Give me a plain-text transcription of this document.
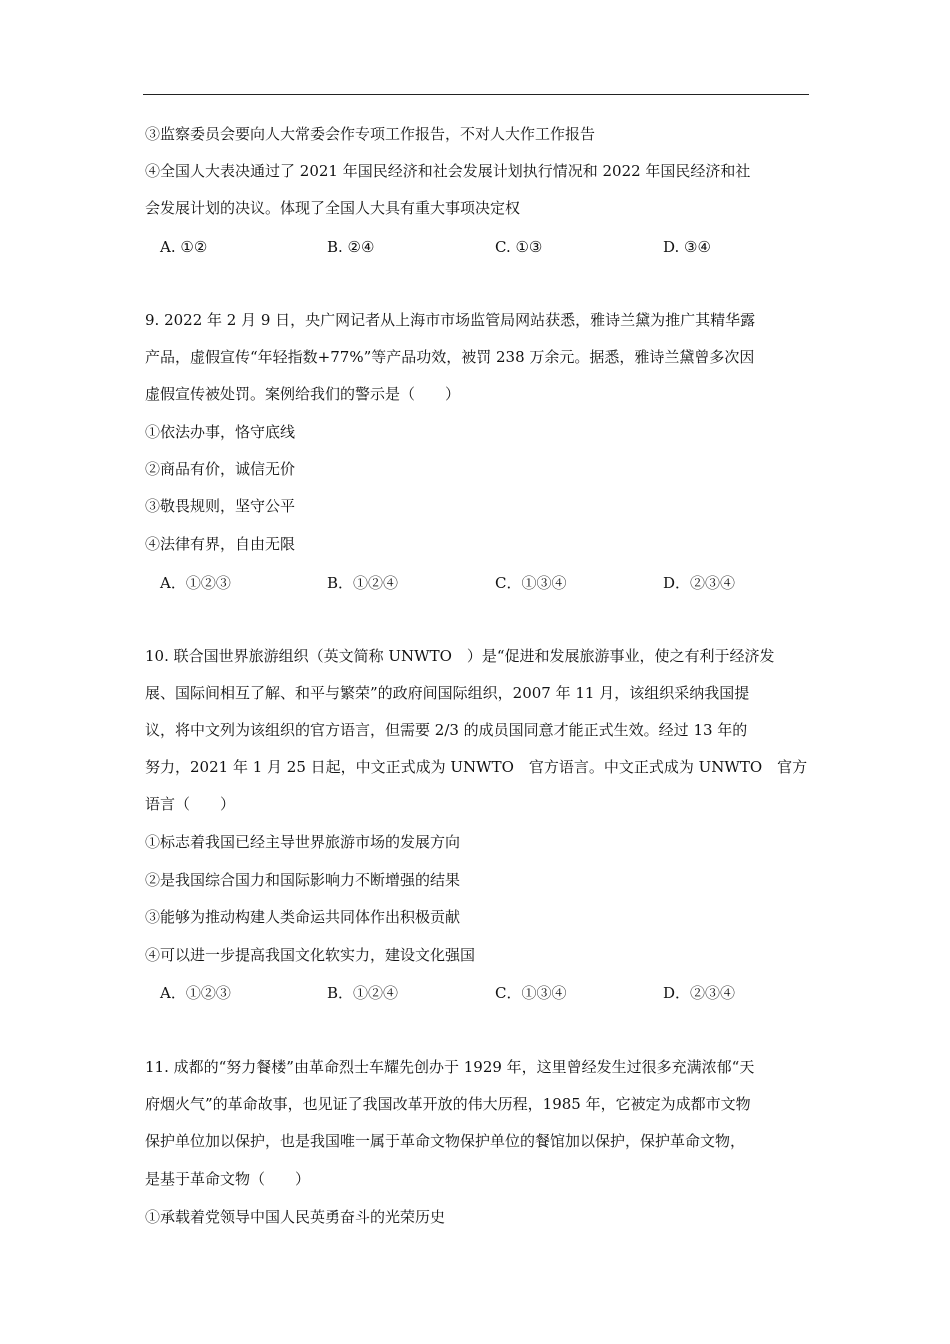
③监察委员会要向人大常委会作专项工作报告，不对人大作工作报告
④全国人大表决通过了 2021 年国民经济和社会发展计划执行情况和 2022 年国民经济和社
会发展计划的决议。体现了全国人大具有重大事项决定权
A. ①②	B. ②④	C. ①③	D. ③④
9. 2022 年 2 月 9 日，央广网记者从上海市市场监管局网站获悉，雅诗兰黛为推广其精华露
产品，虚假宣传“年轻指数+77%”等产品功效，被罚 238 万余元。据悉，雅诗兰黛曾多次因
虚假宣传被处罚。案例给我们的警示是（　　）
①依法办事，恪守底线
②商品有价，诚信无价
③敬畏规则，坚守公平
④法律有界，自由无限
A．①②③	B．①②④	C．①③④	D．②③④
10. 联合国世界旅游组织（英文简称 UNWTO　）是“促进和发展旅游事业，使之有利于经济发
展、国际间相互了解、和平与繁荣”的政府间国际组织，2007 年 11 月，该组织采纳我国提
议，将中文列为该组织的官方语言，但需要 2/3 的成员国同意才能正式生效。经过 13 年的
努力，2021 年 1 月 25 日起，中文正式成为 UNWTO　官方语言。中文正式成为 UNWTO　官方
语言（　　）
①标志着我国已经主导世界旅游市场的发展方向
②是我国综合国力和国际影响力不断增强的结果
③能够为推动构建人类命运共同体作出积极贡献
④可以进一步提高我国文化软实力，建设文化强国
A．①②③	B．①②④	C．①③④	D．②③④
11. 成都的“努力餐楼”由革命烈士车耀先创办于 1929 年，这里曾经发生过很多充满浓郁“天
府烟火气”的革命故事，也见证了我国改革开放的伟大历程，1985 年，它被定为成都市文物
保护单位加以保护，也是我国唯一属于革命文物保护单位的餐馆加以保护，保护革命文物，
是基于革命文物（　　）
①承载着党领导中国人民英勇奋斗的光荣历史
